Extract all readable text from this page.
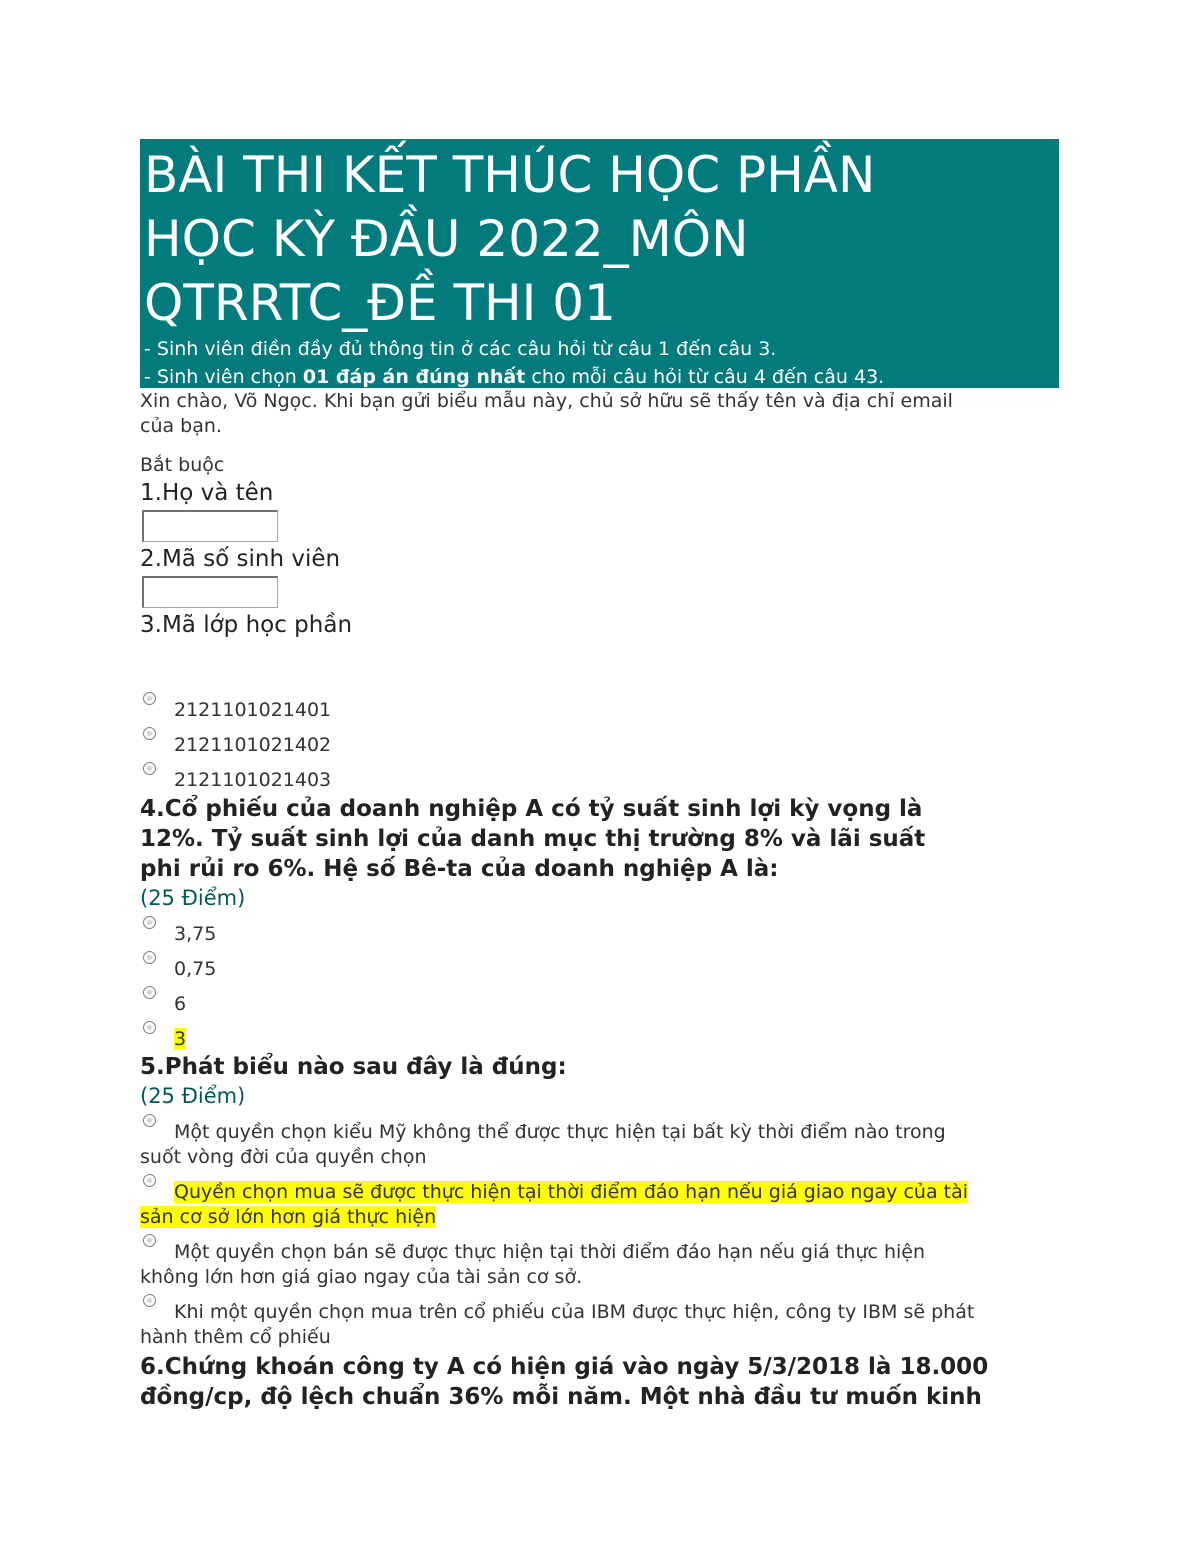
BÀI THI KẾT THÚC HỌC PHẦN
HỌC KỲ ĐẦU 2022_MÔN
QTRRTC_ĐỀ THI 01
- Sinh viên điền đầy đủ thông tin ở các câu hỏi từ câu 1 đến câu 3.
- Sinh viên chọn 01 đáp án đúng nhất cho mỗi câu hỏi từ câu 4 đến câu 43.
Xin chào, Võ Ngọc. Khi bạn gửi biểu mẫu này, chủ sở hữu sẽ thấy tên và địa chỉ email
của bạn.
Bắt buộc
1.Họ và tên
2.Mã số sinh viên
3.Mã lớp học phần
2121101021401
2121101021402
2121101021403
4.Cổ phiếu của doanh nghiệp A có tỷ suất sinh lợi kỳ vọng là
12%. Tỷ suất sinh lợi của danh mục thị trường 8% và lãi suất
phi rủi ro 6%. Hệ số Bê-ta của doanh nghiệp A là:
(25 Điểm)
3,75
0,75
6
3
5.Phát biểu nào sau đây là đúng:
(25 Điểm)
Một quyền chọn kiểu Mỹ không thể được thực hiện tại bất kỳ thời điểm nào trong
suốt vòng đời của quyền chọn
Quyền chọn mua sẽ được thực hiện tại thời điểm đáo hạn nếu giá giao ngay của tài
sản cơ sở lớn hơn giá thực hiện
Một quyền chọn bán sẽ được thực hiện tại thời điểm đáo hạn nếu giá thực hiện
không lớn hơn giá giao ngay của tài sản cơ sở.
Khi một quyền chọn mua trên cổ phiếu của IBM được thực hiện, công ty IBM sẽ phát
hành thêm cổ phiếu
6.Chứng khoán công ty A có hiện giá vào ngày 5/3/2018 là 18.000
đồng/cp, độ lệch chuẩn 36% mỗi năm. Một nhà đầu tư muốn kinh
